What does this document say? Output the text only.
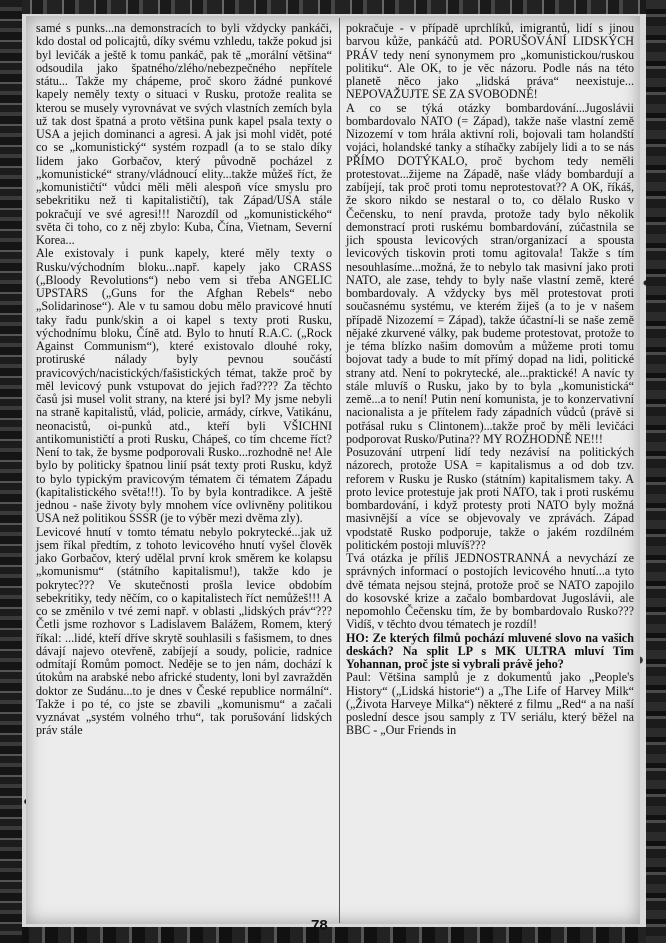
samé s punks...na demonstracích to byli vždycky pankáči, kdo dostal od policajtů, díky svému vzhledu, takže pokud jsi byl levičák a ještě k tomu pankáč, pak tě „morální většina“ odsoudila jako špatného/zlého/nebezpečného nepřítele státu... Takže my chápeme, proč skoro žádné punkové kapely neměly texty o situaci v Rusku, protože realita se kterou se musely vyrovnávat ve svých vlastních zemích byla už tak dost špatná a proto většina punk kapel psala texty o USA a jejich dominanci a agresi. A jak jsi mohl vidět, poté co se „komunistický“ systém rozpadl (a to se stalo díky lidem jako Gorbačov, který původně pocházel z „komunistické“ strany/vládnoucí elity...takže můžeš říct, že „komunističtí“ vůdci měli měli alespoň více smyslu pro sebekritiku než ti kapitalističtí), tak Západ/USA stále pokračují ve své agresi!!! Narozdíl od „komunistického“ světa či toho, co z něj zbylo: Kuba, Čína, Vietnam, Severní Korea...

Ale existovaly i punk kapely, které měly texty o Rusku/východním bloku...např. kapely jako CRASS („Bloody Revolutions“) nebo vem si třeba ANGELIC UPSTARS („Guns for the Afghan Rebels“ nebo „Solidarinose“). Ale v tu samou dobu mělo pravicové hnutí taky řadu punk/skin a oi kapel s texty proti Rusku, východnímu bloku, Číně atd. Bylo to hnutí R.A.C. („Rock Against Communism“), které existovalo dlouhé roky, protiruské nálady byly pevnou součástí pravicových/nacistických/fašistických témat, takže proč by měl levicový punk vstupovat do jejich řad???? Za těchto časů jsi musel volit strany, na které jsi byl? My jsme nebyli na straně kapitalistů, vlád, policie, armády, církve, Vatikánu, neonacistů, oi-punků atd., kteří byli VŠICHNI antikomunističtí a proti Rusku, Chápeš, co tím chceme říct? Není to tak, že bysme podporovali Rusko...rozhodně ne! Ale bylo by politicky špatnou linií psát texty proti Rusku, když to bylo typickým pravicovým tématem či tématem Západu (kapitalistického světa!!!). To by byla kontradikce. A ještě jednou - naše životy byly mnohem více ovlivněny politikou USA než politikou SSSR (je to výběr mezi dvěma zly).

Levicové hnutí v tomto tématu nebylo pokrytecké...jak už jsem říkal předtím, z tohoto levicového hnutí vyšel člověk jako Gorbačov, který udělal první krok směrem ke kolapsu „komunismu“ (státního kapitalismu!), takže kdo je pokrytec??? Ve skutečnosti prošla levice obdobím sebekritiky, tedy něčím, co o kapitalistech říct nemůžeš!!! A co se změnilo v tvé zemi např. v oblasti „lidských práv“??? Četli jsme rozhovor s Ladislavem Balážem, Romem, který říkal: ...lidé, kteří dříve skrytě souhlasili s fašismem, to dnes dávají najevo otevřeně, zabíjejí a soudy, policie, radnice odmítají Romům pomoct. Neděje se to jen nám, dochází k útokům na arabské nebo africké studenty, loni byl zavražděn doktor ze Sudánu...to je dnes v České republice normální“. Takže i po té, co jste se zbavili „komunismu“ a začali vyznávat „systém volného trhu“, tak porušování lidských práv stále

pokračuje - v případě uprchlíků, imigrantů, lidí s jinou barvou kůže, pankáčů atd. PORUŠOVÁNÍ LIDSKÝCH PRÁV tedy není synonymem pro „komunistickou/ruskou politiku“. Ale OK, to je věc názoru. Podle nás na této planetě něco jako „lidská práva“ neexistuje... NEPOVAŽUJTE SE ZA SVOBODNÉ!

A co se týká otázky bombardování...Jugoslávii bombardovalo NATO (= Západ), takže naše vlastní země Nizozemí v tom hrála aktivní roli, bojovali tam holandští vojáci, holandské tanky a stíhačky zabíjely lidi a to se nás PŘÍMO DOTÝKALO, proč bychom tedy neměli protestovat...žijeme na Západě, naše vlády bombardují a zabíjejí, tak proč proti tomu neprotestovat?? A OK, říkáš, že skoro nikdo se nestaral o to, co dělalo Rusko v Čečensku, to není pravda, protože tady bylo několik demonstrací proti ruskému bombardování, zúčastnila se jich spousta levicových stran/organizací a spousta levicových tiskovin proti tomu agitovala! Takže s tím nesouhlasíme...možná, že to nebylo tak masivní jako proti NATO, ale zase, tehdy to byly naše vlastní země, které bombardovaly. A vždycky bys měl protestovat proti současnému systému, ve kterém žiješ (a to je v našem případě Nizozemí = Západ), takže účastní-li se naše země nějaké zkurvené války, pak budeme protestovat, protože to je téma blízko našim domovům a můžeme proti tomu bojovat tady a bude to mít přímý dopad na lidi, politické strany atd. Není to pokrytecké, ale...praktické! A navíc ty stále mluvíš o Rusku, jako by to byla „komunistická“ země...a to není! Putin není komunista, je to konzervativní nacionalista a je přítelem řady západních vůdců (právě si potřásal ruku s Clintonem)...takže proč by měli levičáci podporovat Rusko/Putina?? MY ROZHODNĚ NE!!!

Posuzování utrpení lidí tedy nezávisí na politických názorech, protože USA = kapitalismus a od dob tzv. reforem v Rusku je Rusko (státním) kapitalismem taky. A proto levice protestuje jak proti NATO, tak i proti ruskému bombardování, i když protesty proti NATO byly možná masivnější a více se objevovaly ve zprávách. Západ vpodstatě Rusko podporuje, takže o jakém rozdílném politickém postoji mluvíš???

Tvá otázka je příliš JEDNOSTRANNÁ a nevychází ze správných informací o postojích levicového hnutí...a tyto dvě témata nejsou stejná, protože proč se NATO zapojilo do kosovské krize a začalo bombardovat Jugoslávii, ale nepomohlo Čečensku tím, že by bombardovalo Rusko??? Vidíš, v těchto dvou tématech je rozdíl!

HO: Ze kterých filmů pochází mluvené slovo na vašich deskách? Na split LP s MK ULTRA mluví Tim Yohannan, proč jste si vybrali právě jeho?

Paul: Většina samplů je z dokumentů jako „People's History“ („Lidská historie“) a „The Life of Harvey Milk“ („Života Harveye Milka“) některé z filmu „Red“ a na naší poslední desce jsou samply z TV seriálu, který běžel na BBC - „Our Friends in

78
